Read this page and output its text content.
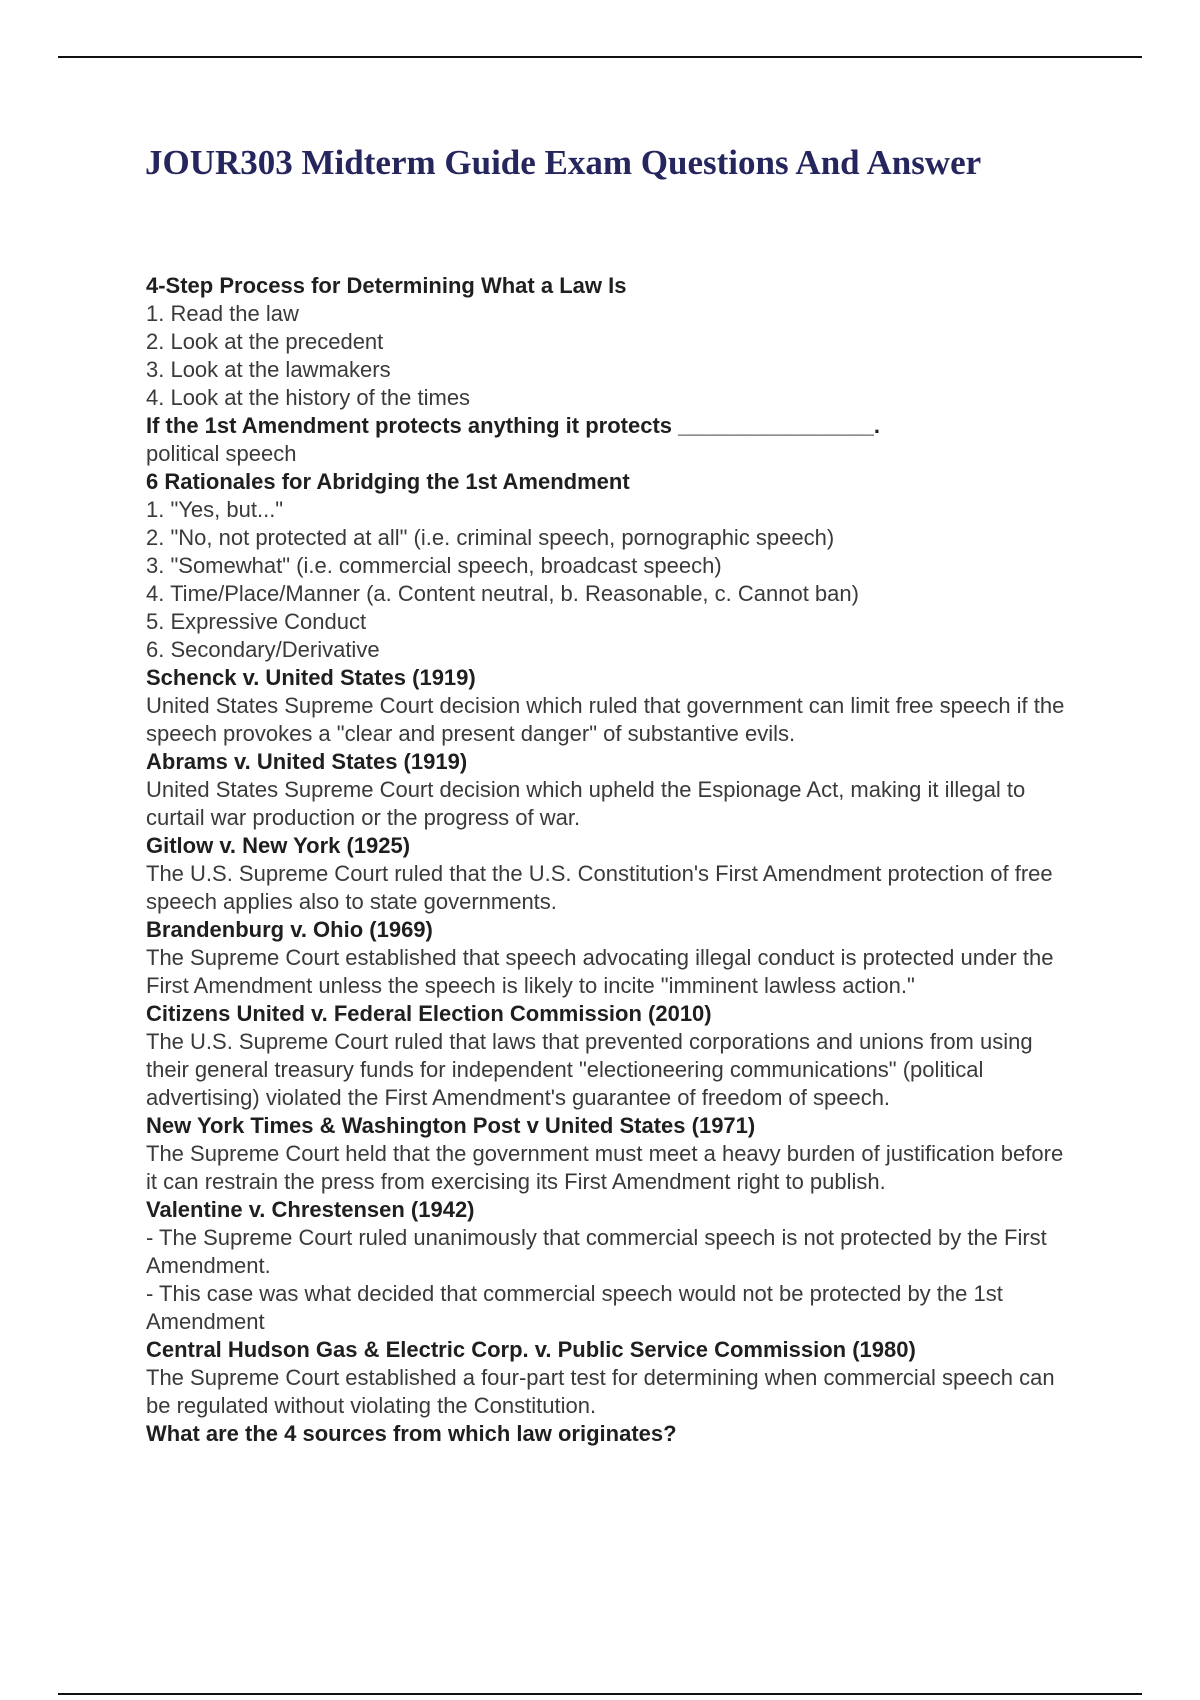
JOUR303 Midterm Guide Exam Questions And Answer

4-Step Process for Determining What a Law Is

1. Read the law

2. Look at the precedent

3. Look at the lawmakers

4. Look at the history of the times

If the 1st Amendment protects anything it protects ________________.

political speech

6 Rationales for Abridging the 1st Amendment

1. "Yes, but..."

2. "No, not protected at all" (i.e. criminal speech, pornographic speech)

3. "Somewhat" (i.e. commercial speech, broadcast speech)

4. Time/Place/Manner (a. Content neutral, b. Reasonable, c. Cannot ban)

5. Expressive Conduct

6. Secondary/Derivative

Schenck v. United States (1919)

United States Supreme Court decision which ruled that government can limit free speech if the speech provokes a "clear and present danger" of substantive evils.

Abrams v. United States (1919)

United States Supreme Court decision which upheld the Espionage Act, making it illegal to curtail war production or the progress of war.

Gitlow v. New York (1925)

The U.S. Supreme Court ruled that the U.S. Constitution's First Amendment protection of free speech applies also to state governments.

Brandenburg v. Ohio (1969)

The Supreme Court established that speech advocating illegal conduct is protected under the First Amendment unless the speech is likely to incite "imminent lawless action."

Citizens United v. Federal Election Commission (2010)

The U.S. Supreme Court ruled that laws that prevented corporations and unions from using their general treasury funds for independent "electioneering communications" (political advertising) violated the First Amendment's guarantee of freedom of speech.

New York Times & Washington Post v United States (1971)

The Supreme Court held that the government must meet a heavy burden of justification before it can restrain the press from exercising its First Amendment right to publish.

Valentine v. Chrestensen (1942)

- The Supreme Court ruled unanimously that commercial speech is not protected by the First Amendment.

- This case was what decided that commercial speech would not be protected by the 1st Amendment

Central Hudson Gas & Electric Corp. v. Public Service Commission (1980)

The Supreme Court established a four-part test for determining when commercial speech can be regulated without violating the Constitution.

What are the 4 sources from which law originates?
